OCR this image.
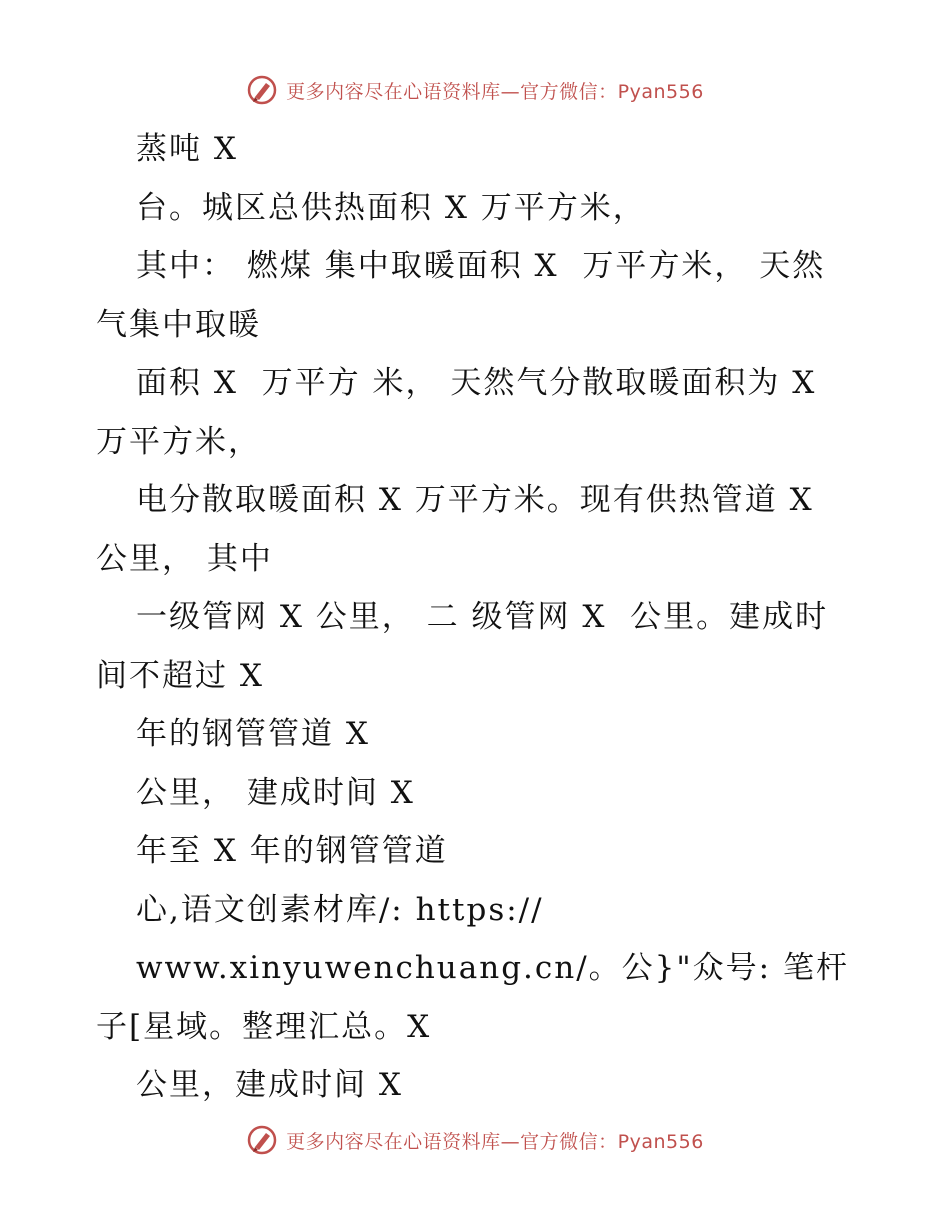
更多内容尽在心语资料库—官方微信：Pyan556

蒸吨 X

台。城区总供热面积 X 万平方米，

其中： 燃煤 集中取暖面积 X  万平方米， 天然气集中取暖

面积 X  万平方 米， 天然气分散取暖面积为 X 万平方米，

电分散取暖面积 X 万平方米。现有供热管道 X 公里， 其中

一级管网 X 公里， 二 级管网 X  公里。建成时间不超过 X

年的钢管管道 X

公里， 建成时间 X

年至 X 年的钢管管道

心,语文创素材库/: https://

www.xinyuwenchuang.cn/。公}"众号: 笔杆子[星域。整理汇总。X

公里，建成时间 X

更多内容尽在心语资料库—官方微信：Pyan556
